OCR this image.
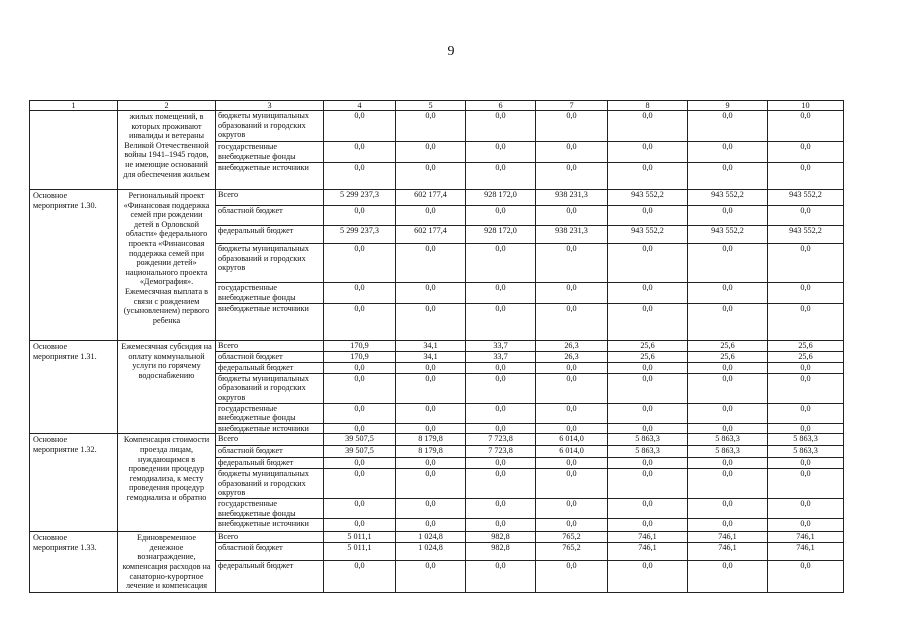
9
1	2	3	4	5	6	7	8	9	10
	жилых помещений, в которых проживают инвалиды и ветераны Великой Отечественной войны 1941–1945 годов, не имеющие оснований для обеспечения жильем	бюджеты муниципальных образований и городских округов	0,0	0,0	0,0	0,0	0,0	0,0	0,0
		государственные внебюджетные фонды	0,0	0,0	0,0	0,0	0,0	0,0	0,0
		внебюджетные источники	0,0	0,0	0,0	0,0	0,0	0,0	0,0
Основное мероприятие 1.30.	Региональный проект «Финансовая поддержка семей при рождении детей в Орловской области» федерального проекта «Финансовая поддержка семей при рождении детей» национального проекта «Демография». Ежемесячная выплата в связи с рождением (усыновлением) первого ребенка	Всего	5 299 237,3	602 177,4	928 172,0	938 231,3	943 552,2	943 552,2	943 552,2
		областной бюджет	0,0	0,0	0,0	0,0	0,0	0,0	0,0
		федеральный бюджет	5 299 237,3	602 177,4	928 172,0	938 231,3	943 552,2	943 552,2	943 552,2
		бюджеты муниципальных образований и городских округов	0,0	0,0	0,0	0,0	0,0	0,0	0,0
		государственные внебюджетные фонды	0,0	0,0	0,0	0,0	0,0	0,0	0,0
		внебюджетные источники	0,0	0,0	0,0	0,0	0,0	0,0	0,0
Основное мероприятие 1.31.	Ежемесячная субсидия на оплату коммунальной услуги по горячему водоснабжению	Всего	170,9	34,1	33,7	26,3	25,6	25,6	25,6
		областной бюджет	170,9	34,1	33,7	26,3	25,6	25,6	25,6
		федеральный бюджет	0,0	0,0	0,0	0,0	0,0	0,0	0,0
		бюджеты муниципальных образований и городских округов	0,0	0,0	0,0	0,0	0,0	0,0	0,0
		государственные внебюджетные фонды	0,0	0,0	0,0	0,0	0,0	0,0	0,0
		внебюджетные источники	0,0	0,0	0,0	0,0	0,0	0,0	0,0
Основное мероприятие 1.32.	Компенсация стоимости проезда лицам, нуждающимся в проведении процедур гемодиализа, к месту проведения процедур гемодиализа и обратно	Всего	39 507,5	8 179,8	7 723,8	6 014,0	5 863,3	5 863,3	5 863,3
		областной бюджет	39 507,5	8 179,8	7 723,8	6 014,0	5 863,3	5 863,3	5 863,3
		федеральный бюджет	0,0	0,0	0,0	0,0	0,0	0,0	0,0
		бюджеты муниципальных образований и городских округов	0,0	0,0	0,0	0,0	0,0	0,0	0,0
		государственные внебюджетные фонды	0,0	0,0	0,0	0,0	0,0	0,0	0,0
		внебюджетные источники	0,0	0,0	0,0	0,0	0,0	0,0	0,0
Основное мероприятие 1.33.	Единовременное денежное вознаграждение, компенсация расходов на санаторно-курортное лечение и компенсация	Всего	5 011,1	1 024,8	982,8	765,2	746,1	746,1	746,1
		областной бюджет	5 011,1	1 024,8	982,8	765,2	746,1	746,1	746,1
		федеральный бюджет	0,0	0,0	0,0	0,0	0,0	0,0	0,0
